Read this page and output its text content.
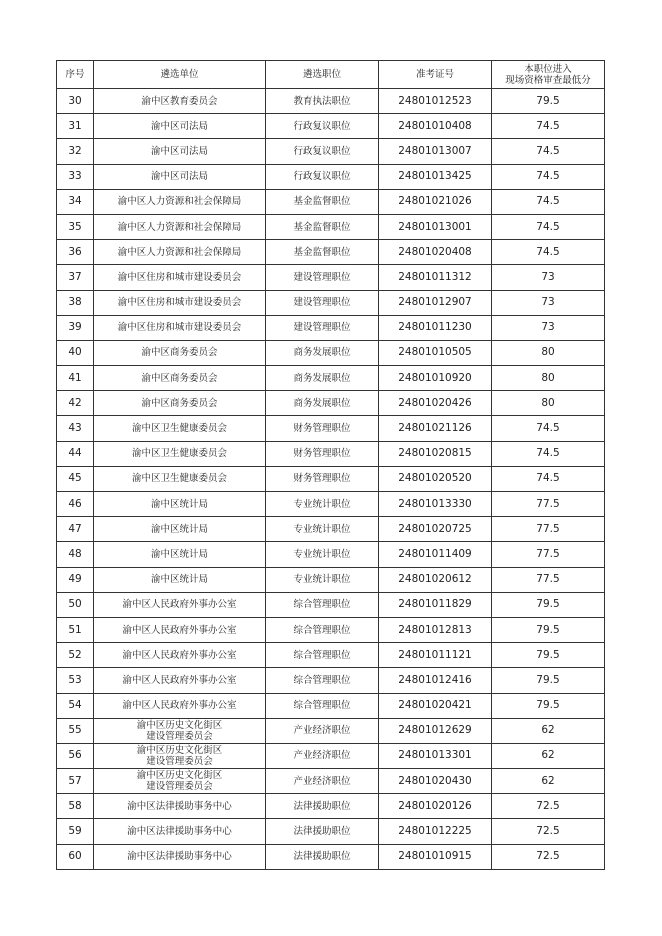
序号	遴选单位	遴选职位	准考证号	本职位进入
现场资格审查最低分
30	渝中区教育委员会	教育执法职位	24801012523	79.5
31	渝中区司法局	行政复议职位	24801010408	74.5
32	渝中区司法局	行政复议职位	24801013007	74.5
33	渝中区司法局	行政复议职位	24801013425	74.5
34	渝中区人力资源和社会保障局	基金监督职位	24801021026	74.5
35	渝中区人力资源和社会保障局	基金监督职位	24801013001	74.5
36	渝中区人力资源和社会保障局	基金监督职位	24801020408	74.5
37	渝中区住房和城市建设委员会	建设管理职位	24801011312	73
38	渝中区住房和城市建设委员会	建设管理职位	24801012907	73
39	渝中区住房和城市建设委员会	建设管理职位	24801011230	73
40	渝中区商务委员会	商务发展职位	24801010505	80
41	渝中区商务委员会	商务发展职位	24801010920	80
42	渝中区商务委员会	商务发展职位	24801020426	80
43	渝中区卫生健康委员会	财务管理职位	24801021126	74.5
44	渝中区卫生健康委员会	财务管理职位	24801020815	74.5
45	渝中区卫生健康委员会	财务管理职位	24801020520	74.5
46	渝中区统计局	专业统计职位	24801013330	77.5
47	渝中区统计局	专业统计职位	24801020725	77.5
48	渝中区统计局	专业统计职位	24801011409	77.5
49	渝中区统计局	专业统计职位	24801020612	77.5
50	渝中区人民政府外事办公室	综合管理职位	24801011829	79.5
51	渝中区人民政府外事办公室	综合管理职位	24801012813	79.5
52	渝中区人民政府外事办公室	综合管理职位	24801011121	79.5
53	渝中区人民政府外事办公室	综合管理职位	24801012416	79.5
54	渝中区人民政府外事办公室	综合管理职位	24801020421	79.5
55	渝中区历史文化街区
建设管理委员会	产业经济职位	24801012629	62
56	渝中区历史文化街区
建设管理委员会	产业经济职位	24801013301	62
57	渝中区历史文化街区
建设管理委员会	产业经济职位	24801020430	62
58	渝中区法律援助事务中心	法律援助职位	24801020126	72.5
59	渝中区法律援助事务中心	法律援助职位	24801012225	72.5
60	渝中区法律援助事务中心	法律援助职位	24801010915	72.5
